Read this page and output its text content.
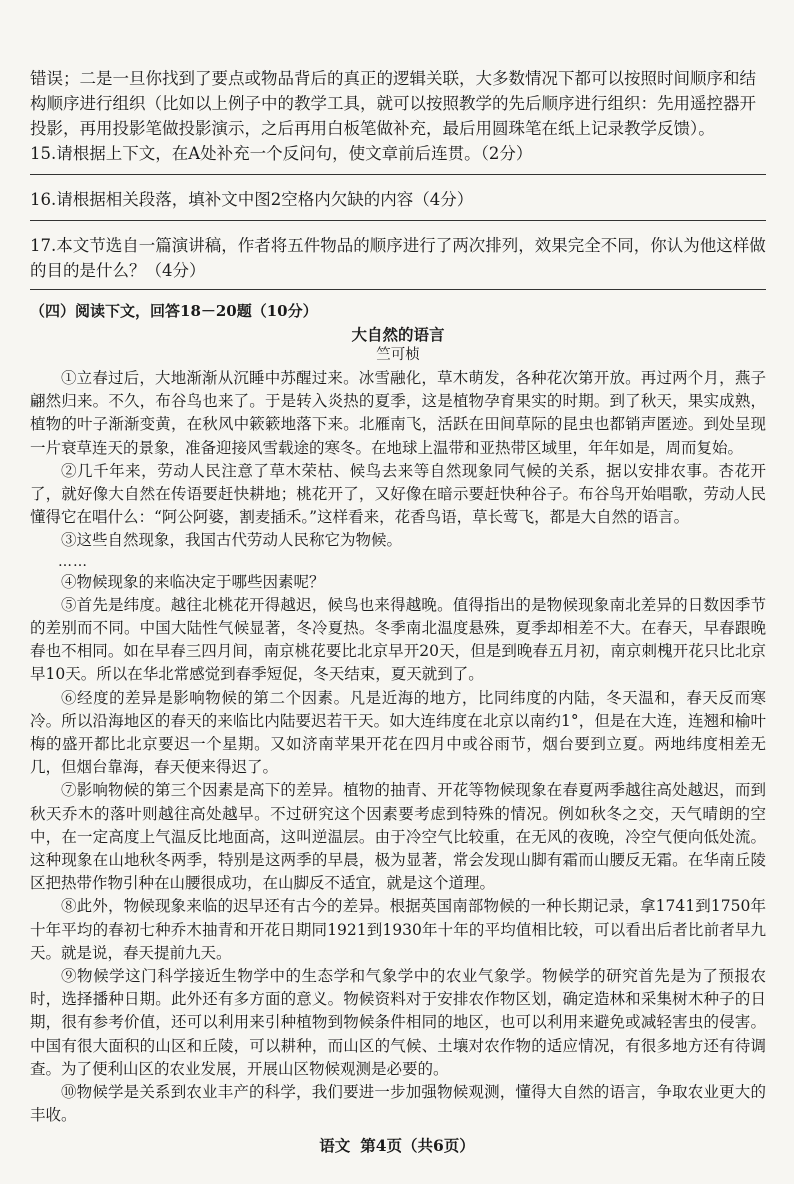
错误；二是一旦你找到了要点或物品背后的真正的逻辑关联，大多数情况下都可以按照时间顺序和结构顺序进行组织（比如以上例子中的教学工具，就可以按照教学的先后顺序进行组织：先用遥控器开投影，再用投影笔做投影演示，之后再用白板笔做补充，最后用圆珠笔在纸上记录教学反馈）。

15.请根据上下文，在A处补充一个反问句，使文章前后连贯。（2分）

16.请根据相关段落，填补文中图2空格内欠缺的内容（4分）

17.本文节选自一篇演讲稿，作者将五件物品的顺序进行了两次排列，效果完全不同，你认为他这样做的目的是什么？（4分）

（四）阅读下文，回答18－20题（10分）

大自然的语言

竺可桢

①立春过后，大地渐渐从沉睡中苏醒过来。冰雪融化，草木萌发，各种花次第开放。再过两个月，燕子翩然归来。不久，布谷鸟也来了。于是转入炎热的夏季，这是植物孕育果实的时期。到了秋天，果实成熟，植物的叶子渐渐变黄，在秋风中簌簌地落下来。北雁南飞，活跃在田间草际的昆虫也都销声匿迹。到处呈现一片衰草连天的景象，准备迎接风雪载途的寒冬。在地球上温带和亚热带区域里，年年如是，周而复始。

②几千年来，劳动人民注意了草木荣枯、候鸟去来等自然现象同气候的关系，据以安排农事。杏花开了，就好像大自然在传语要赶快耕地；桃花开了，又好像在暗示要赶快种谷子。布谷鸟开始唱歌，劳动人民懂得它在唱什么：“阿公阿婆，割麦插禾。”这样看来，花香鸟语，草长莺飞，都是大自然的语言。

③这些自然现象，我国古代劳动人民称它为物候。

……

④物候现象的来临决定于哪些因素呢？

⑤首先是纬度。越往北桃花开得越迟，候鸟也来得越晚。值得指出的是物候现象南北差异的日数因季节的差别而不同。中国大陆性气候显著，冬冷夏热。冬季南北温度悬殊，夏季却相差不大。在春天，早春跟晚春也不相同。如在早春三四月间，南京桃花要比北京早开20天，但是到晚春五月初，南京刺槐开花只比北京早10天。所以在华北常感觉到春季短促，冬天结束，夏天就到了。

⑥经度的差异是影响物候的第二个因素。凡是近海的地方，比同纬度的内陆，冬天温和，春天反而寒冷。所以沿海地区的春天的来临比内陆要迟若干天。如大连纬度在北京以南约1°，但是在大连，连翘和榆叶梅的盛开都比北京要迟一个星期。又如济南苹果开花在四月中或谷雨节，烟台要到立夏。两地纬度相差无几，但烟台靠海，春天便来得迟了。

⑦影响物候的第三个因素是高下的差异。植物的抽青、开花等物候现象在春夏两季越往高处越迟，而到秋天乔木的落叶则越往高处越早。不过研究这个因素要考虑到特殊的情况。例如秋冬之交，天气晴朗的空中，在一定高度上气温反比地面高，这叫逆温层。由于冷空气比较重，在无风的夜晚，冷空气便向低处流。这种现象在山地秋冬两季，特别是这两季的早晨，极为显著，常会发现山脚有霜而山腰反无霜。在华南丘陵区把热带作物引种在山腰很成功，在山脚反不适宜，就是这个道理。

⑧此外，物候现象来临的迟早还有古今的差异。根据英国南部物候的一种长期记录，拿1741到1750年十年平均的春初七种乔木抽青和开花日期同1921到1930年十年的平均值相比较，可以看出后者比前者早九天。就是说，春天提前九天。

⑨物候学这门科学接近生物学中的生态学和气象学中的农业气象学。物候学的研究首先是为了预报农时，选择播种日期。此外还有多方面的意义。物候资料对于安排农作物区划，确定造林和采集树木种子的日期，很有参考价值，还可以利用来引种植物到物候条件相同的地区，也可以利用来避免或减轻害虫的侵害。中国有很大面积的山区和丘陵，可以耕种，而山区的气候、土壤对农作物的适应情况，有很多地方还有待调查。为了便利山区的农业发展，开展山区物候观测是必要的。

⑩物候学是关系到农业丰产的科学，我们要进一步加强物候观测，懂得大自然的语言，争取农业更大的丰收。

语文 第4页（共6页）
